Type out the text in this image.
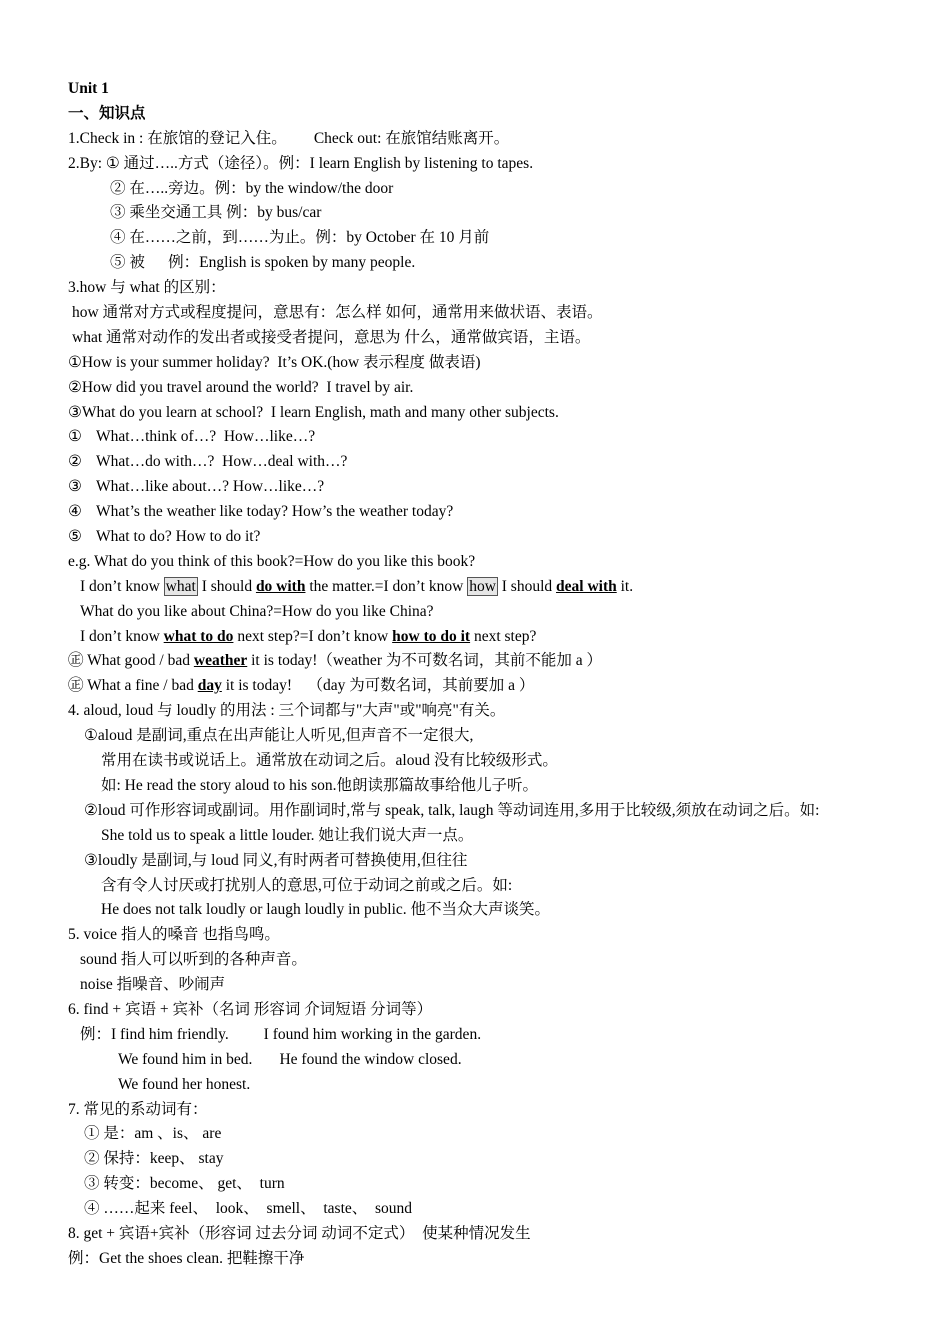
Unit 1
一、知识点
1.Check in : 在旅馆的登记入住。       Check out: 在旅馆结账离开。
2.By: ① 通过…..方式（途径）。例：I learn English by listening to tapes.
② 在…..旁边。例：by the window/the door
③ 乘坐交通工具 例：by bus/car
④ 在……之前，到……为止。例：by October 在 10 月前
⑤ 被      例：English is spoken by many people.
3.how 与 what 的区别：
how 通常对方式或程度提问，意思有：怎么样 如何，通常用来做状语、表语。
what 通常对动作的发出者或接受者提问，意思为 什么，通常做宾语，主语。
①How is your summer holiday?  It’s OK.(how 表示程度 做表语)
②How did you travel around the world?  I travel by air.
③What do you learn at school?  I learn English, math and many other subjects.
① What…think of…?  How…like…?
② What…do with…?  How…deal with…?
③ What…like about…? How…like…?
④ What’s the weather like today? How’s the weather today?
⑤ What to do? How to do it?
e.g. What do you think of this book?=How do you like this book?
I don’t know what I should do with the matter.=I don’t know how I should deal with it.
What do you like about China?=How do you like China?
I don’t know what to do next step?=I don’t know how to do it next step?
㊣ What good / bad weather it is today!（weather 为不可数名词，其前不能加 a ）
㊣ What a fine / bad day it is today!    （day 为可数名词，其前要加 a ）
4. aloud, loud 与 loudly 的用法 : 三个词都与"大声"或"响亮"有关。
①aloud 是副词,重点在出声能让人听见,但声音不一定很大,
常用在读书或说话上。通常放在动词之后。aloud 没有比较级形式。
如: He read the story aloud to his son.他朗读那篇故事给他儿子听。
②loud 可作形容词或副词。用作副词时,常与 speak, talk, laugh 等动词连用,多用于比较级,须放在动词之后。如:
She told us to speak a little louder. 她让我们说大声一点。
③loudly 是副词,与 loud 同义,有时两者可替换使用,但往往
含有令人讨厌或打扰别人的意思,可位于动词之前或之后。如:
He does not talk loudly or laugh loudly in public. 他不当众大声谈笑。
5. voice 指人的嗓音 也指鸟鸣。
sound 指人可以听到的各种声音。
noise 指噪音、吵闹声
6. find + 宾语 + 宾补（名词 形容词 介词短语 分词等）
例：I find him friendly.         I found him working in the garden.
We found him in bed.       He found the window closed.
We found her honest.
7. 常见的系动词有：
① 是：am 、is、 are
② 保持：keep、 stay
③ 转变：become、 get、  turn
④ ……起来 feel、  look、  smell、  taste、  sound
8. get + 宾语+宾补（形容词 过去分词 动词不定式）  使某种情况发生
例：Get the shoes clean. 把鞋擦干净
